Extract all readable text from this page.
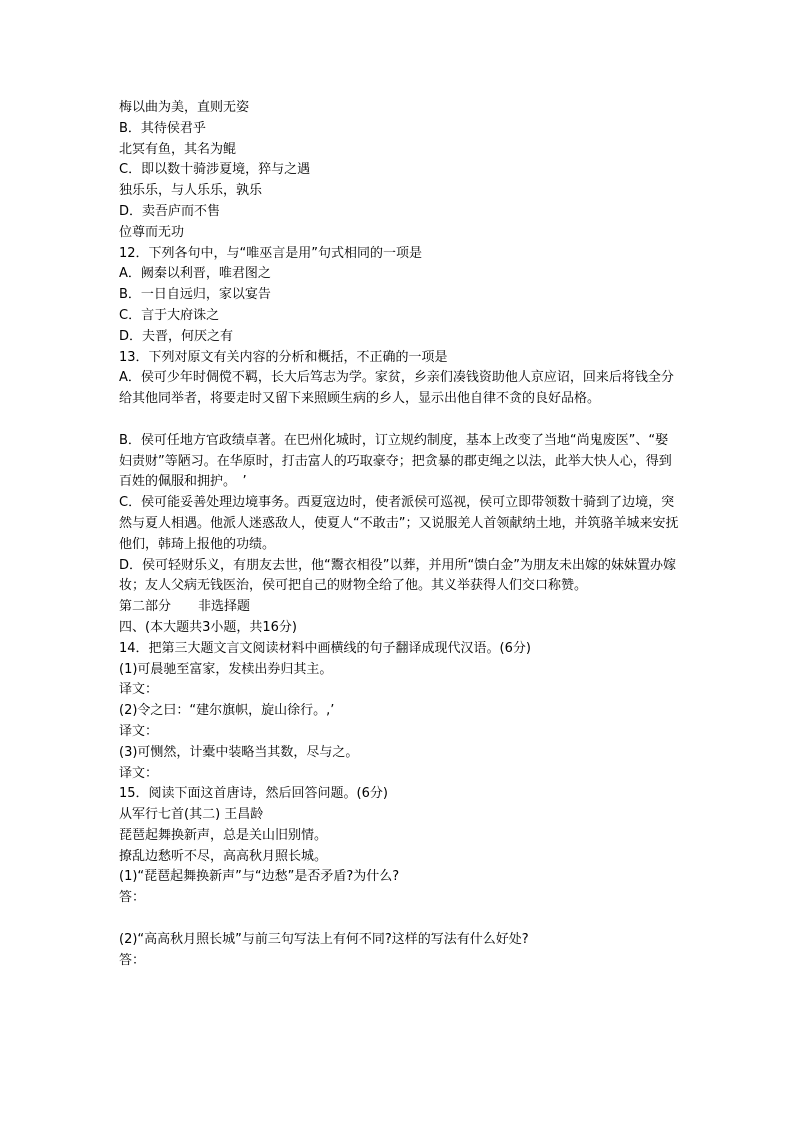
梅以曲为美，直则无姿
B．其待侯君乎
北冥有鱼，其名为鲲
C．即以数十骑涉夏境，猝与之遇
独乐乐，与人乐乐，孰乐
D．卖吾庐而不售
位尊而无功
12．下列各句中，与“唯巫言是用”句式相同的一项是
A．阙秦以利晋，唯君图之
B．一日自远归，家以宴告
C．言于大府诛之
D．夫晋，何厌之有
13．下列对原文有关内容的分析和概括，不正确的一项是
A．侯可少年时倜傥不羁，长大后笃志为学。家贫，乡亲们凑钱资助他人京应诏，回来后将钱全分给其他同举者，将要走时又留下来照顾生病的乡人，显示出他自律不贪的良好品格。
B．侯可任地方官政绩卓著。在巴州化城时，订立规约制度，基本上改变了当地“尚鬼废医”、“娶妇责财”等陋习。在华原时，打击富人的巧取豪夺；把贪暴的郡吏绳之以法，此举大快人心，得到百姓的佩服和拥护。　’
C．侯可能妥善处理边境事务。西夏寇边时，使者派侯可巡视，侯可立即带领数十骑到了边境，突然与夏人相遇。他派人迷惑敌人，使夏人“不敢击”；又说服羌人首领献纳土地，并筑骆羊城来安抚他们，韩琦上报他的功绩。
D．侯可轻财乐义，有朋友去世，他“鬻衣相役”以葬，并用所“馈白金”为朋友未出嫁的妹妹置办嫁妆；友人父病无钱医治，侯可把自己的财物全给了他。其义举获得人们交口称赞。
第二部分 非选择题
四、(本大题共3小题，共16分)
14．把第三大题文言文阅读材料中画横线的句子翻译成现代汉语。(6分)
(1)可晨驰至富家，发椟出券归其主。
译文：
(2)令之曰：“建尔旗帜，旋山徐行。,’
译文：
(3)可恻然，计橐中装略当其数，尽与之。
译文：
15．阅读下面这首唐诗，然后回答问题。(6分)
从军行七首(其二) 王昌龄
琵琶起舞换新声，总是关山旧别情。
撩乱边愁听不尽，高高秋月照长城。
(1)“琵琶起舞换新声”与“边愁”是否矛盾?为什么?
答：
(2)“高高秋月照长城”与前三句写法上有何不同?这样的写法有什么好处?
答：
